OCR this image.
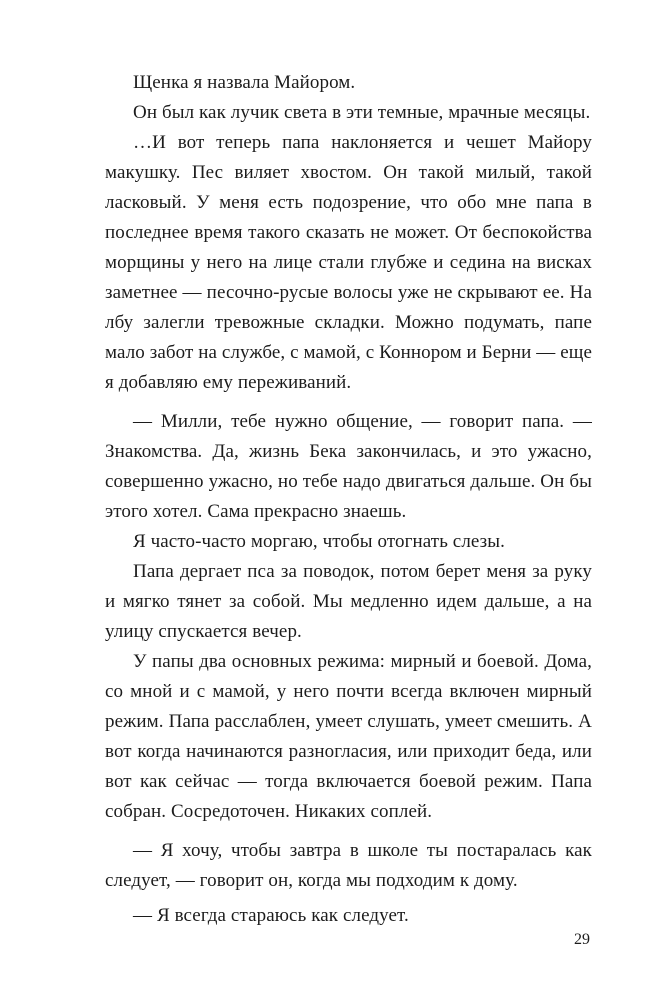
Щенка я назвала Майором.

Он был как лучик света в эти темные, мрачные месяцы.

…И вот теперь папа наклоняется и чешет Майору макушку. Пес виляет хвостом. Он такой милый, такой ласковый. У меня есть подозрение, что обо мне папа в последнее время такого сказать не может. От беспокойства морщины у него на лице стали глубже и седина на висках заметнее — песочно-русые волосы уже не скрывают ее. На лбу залегли тревожные складки. Можно подумать, папе мало забот на службе, с мамой, с Коннором и Берни — еще я добавляю ему переживаний.

— Милли, тебе нужно общение, — говорит папа. — Знакомства. Да, жизнь Бека закончилась, и это ужасно, совершенно ужасно, но тебе надо двигаться дальше. Он бы этого хотел. Сама прекрасно знаешь.

Я часто-часто моргаю, чтобы отогнать слезы.

Папа дергает пса за поводок, потом берет меня за руку и мягко тянет за собой. Мы медленно идем дальше, а на улицу спускается вечер.

У папы два основных режима: мирный и боевой. Дома, со мной и с мамой, у него почти всегда включен мирный режим. Папа расслаблен, умеет слушать, умеет смешить. А вот когда начинаются разногласия, или приходит беда, или вот как сейчас — тогда включается боевой режим. Папа собран. Сосредоточен. Никаких соплей.

— Я хочу, чтобы завтра в школе ты постаралась как следует, — говорит он, когда мы подходим к дому.

— Я всегда стараюсь как следует.

29
